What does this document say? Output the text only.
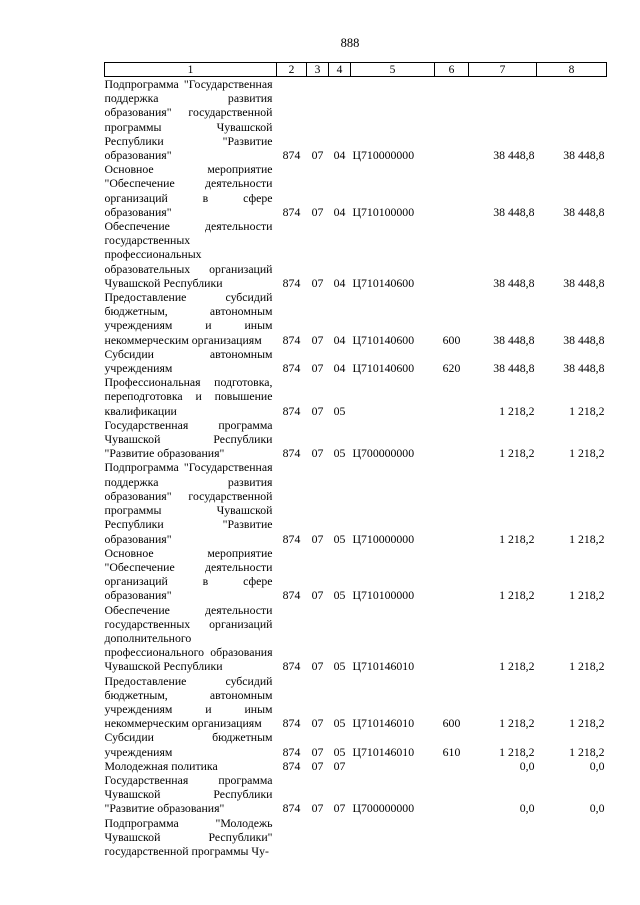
888
1	2	3	4	5	6	7	8
Подпрограмма "Государственная поддержка развития образования" государственной программы Чувашской Республики "Развитие образования"	874	07	04	Ц710000000		38 448,8	38 448,8
Основное мероприятие "Обеспечение деятельности организаций в сфере образования"	874	07	04	Ц710100000		38 448,8	38 448,8
Обеспечение деятельности государственных профессиональных образовательных организаций Чувашской Республики	874	07	04	Ц710140600		38 448,8	38 448,8
Предоставление субсидий бюджетным, автономным учреждениям и иным некоммерческим организациям	874	07	04	Ц710140600	600	38 448,8	38 448,8
Субсидии автономным учреждениям	874	07	04	Ц710140600	620	38 448,8	38 448,8
Профессиональная подготовка, переподготовка и повышение квалификации	874	07	05			1 218,2	1 218,2
Государственная программа Чувашской Республики "Развитие образования"	874	07	05	Ц700000000		1 218,2	1 218,2
Подпрограмма "Государственная поддержка развития образования" государственной программы Чувашской Республики "Развитие образования"	874	07	05	Ц710000000		1 218,2	1 218,2
Основное мероприятие "Обеспечение деятельности организаций в сфере образования"	874	07	05	Ц710100000		1 218,2	1 218,2
Обеспечение деятельности государственных организаций дополнительного профессионального образования Чувашской Республики	874	07	05	Ц710146010		1 218,2	1 218,2
Предоставление субсидий бюджетным, автономным учреждениям и иным некоммерческим организациям	874	07	05	Ц710146010	600	1 218,2	1 218,2
Субсидии бюджетным учреждениям	874	07	05	Ц710146010	610	1 218,2	1 218,2
Молодежная политика	874	07	07			0,0	0,0
Государственная программа Чувашской Республики "Развитие образования"	874	07	07	Ц700000000		0,0	0,0
Подпрограмма "Молодежь Чувашской Республики" государственной программы Чу-							
